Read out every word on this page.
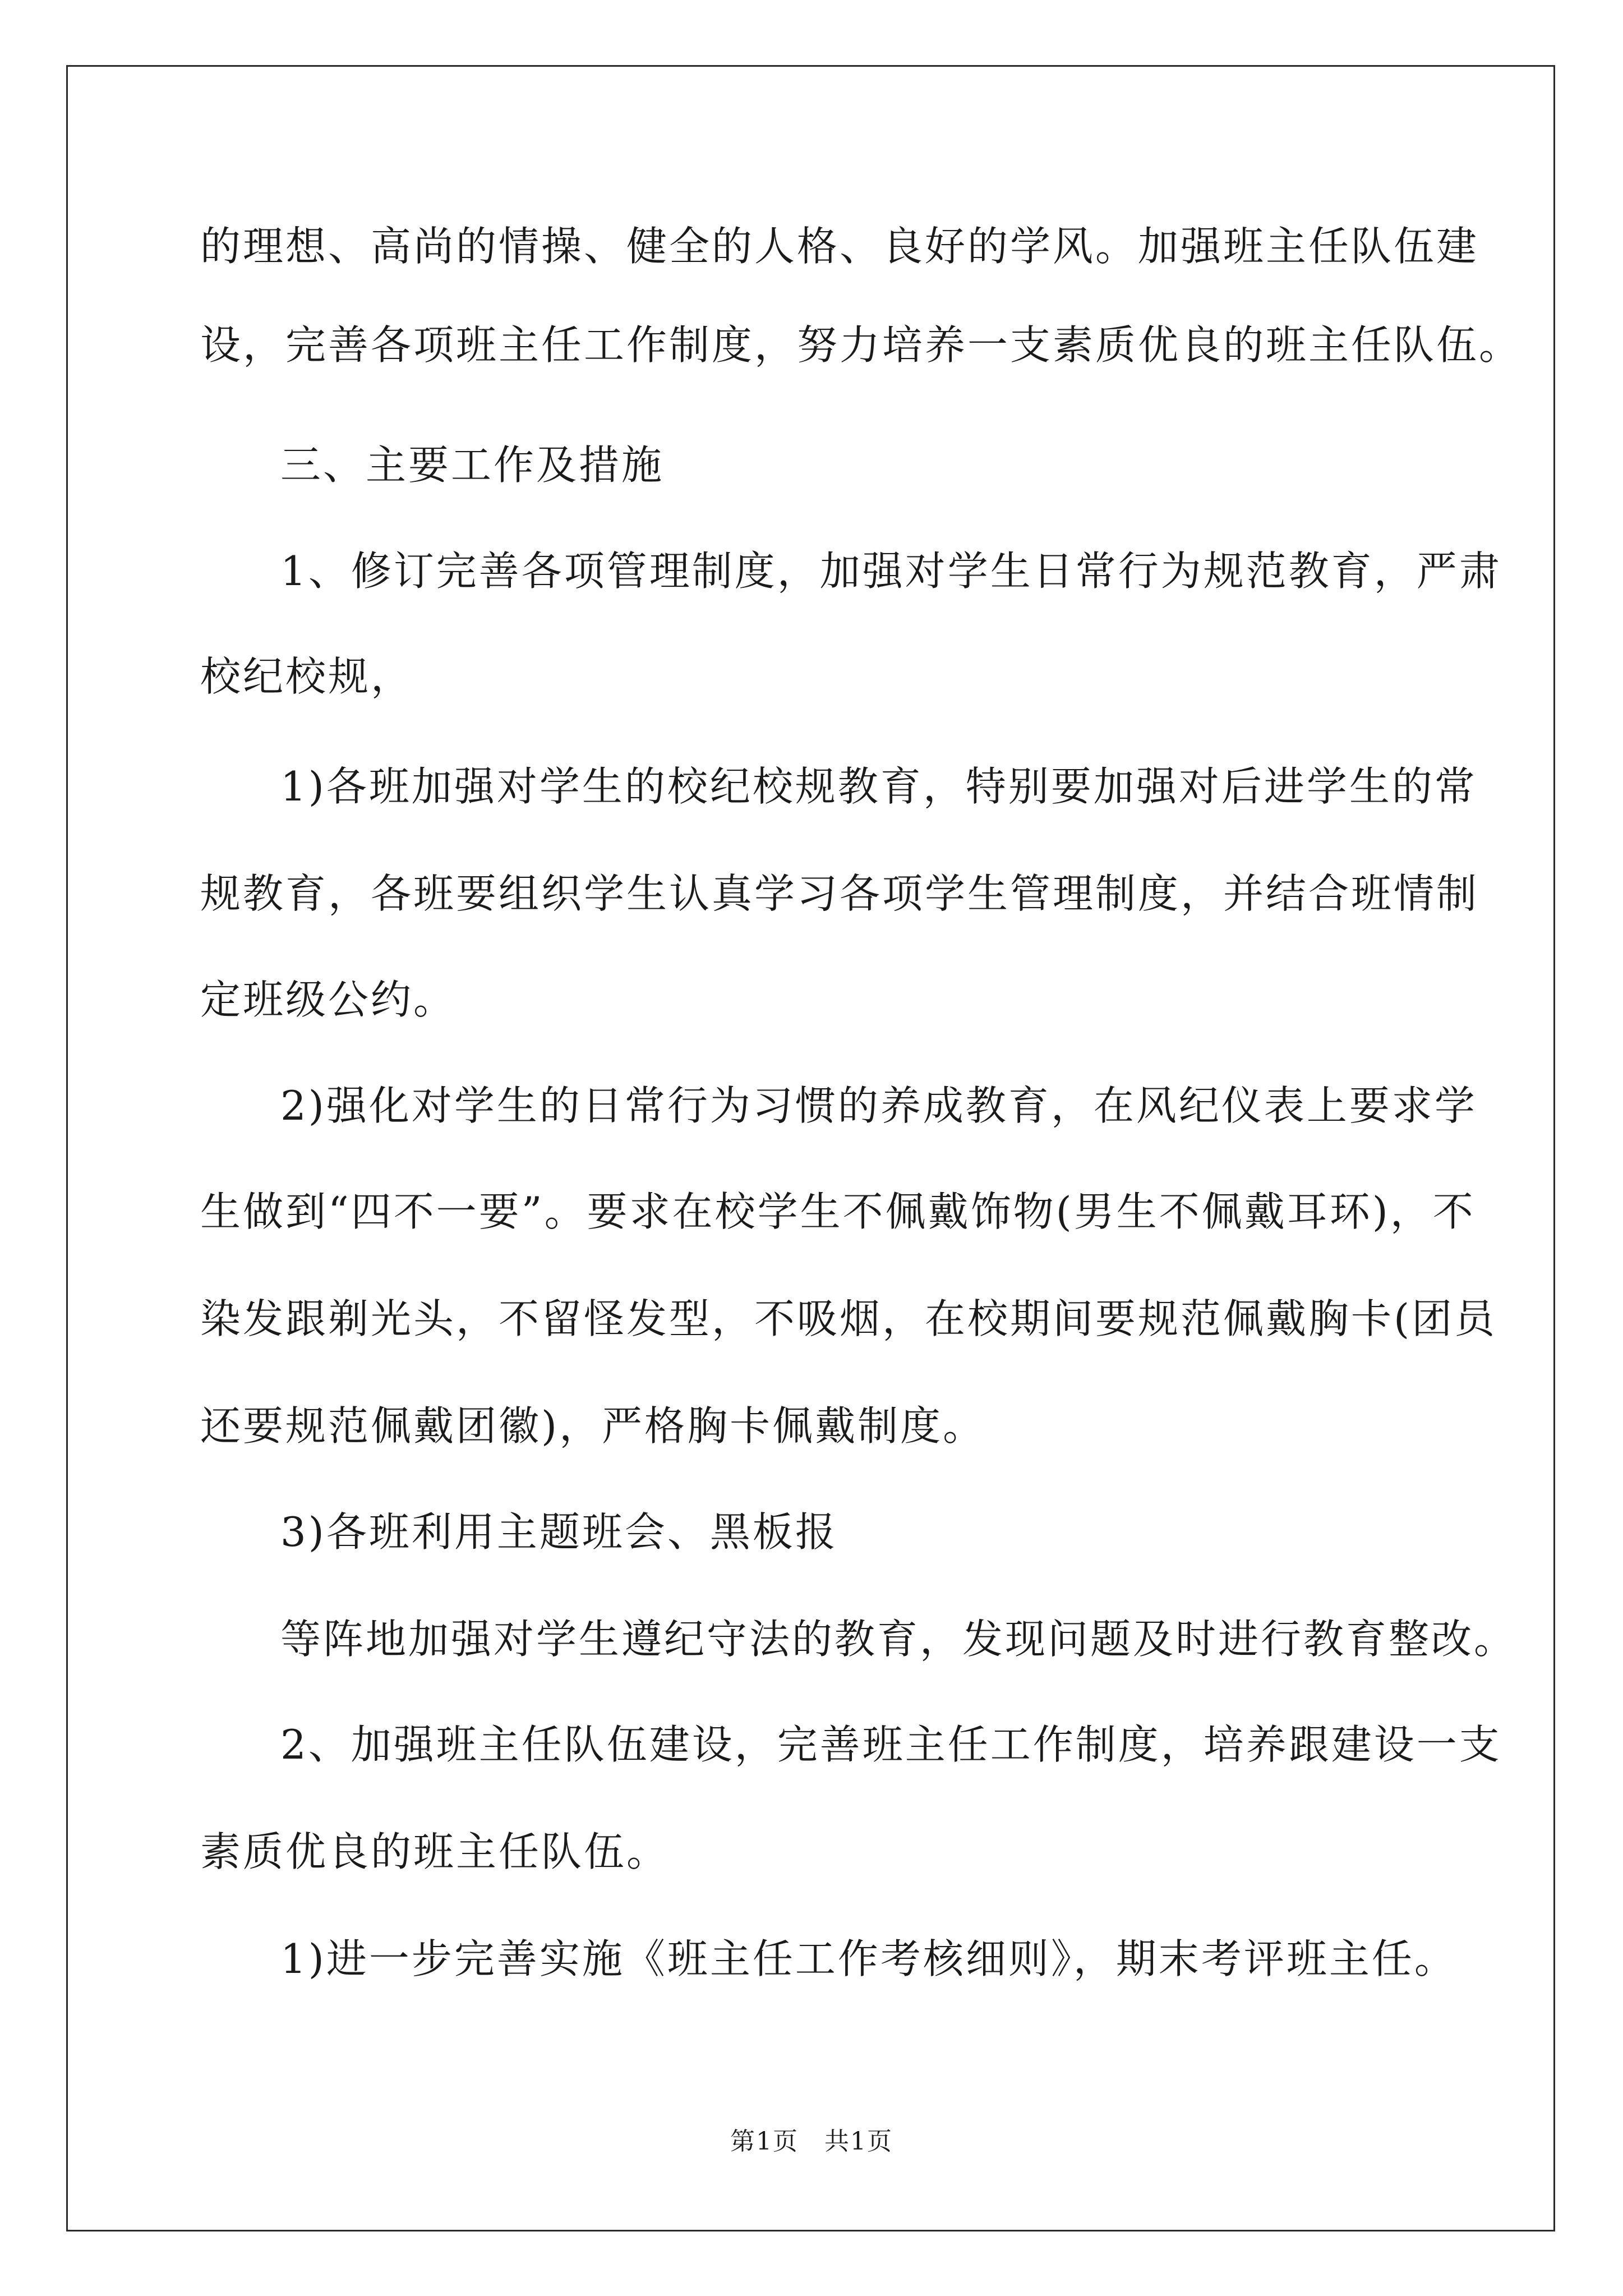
的理想、高尚的情操、健全的人格、良好的学风。加强班主任队伍建
设，完善各项班主任工作制度，努力培养一支素质优良的班主任队伍。
三、主要工作及措施
1、修订完善各项管理制度，加强对学生日常行为规范教育，严肃
校纪校规，
1)各班加强对学生的校纪校规教育，特别要加强对后进学生的常
规教育，各班要组织学生认真学习各项学生管理制度，并结合班情制
定班级公约。
2)强化对学生的日常行为习惯的养成教育，在风纪仪表上要求学
生做到“四不一要”。要求在校学生不佩戴饰物(男生不佩戴耳环)，不
染发跟剃光头，不留怪发型，不吸烟，在校期间要规范佩戴胸卡(团员
还要规范佩戴团徽)，严格胸卡佩戴制度。
3)各班利用主题班会、黑板报
等阵地加强对学生遵纪守法的教育，发现问题及时进行教育整改。
2、加强班主任队伍建设，完善班主任工作制度，培养跟建设一支
素质优良的班主任队伍。
1)进一步完善实施《班主任工作考核细则》，期末考评班主任。
第1页　共1页
